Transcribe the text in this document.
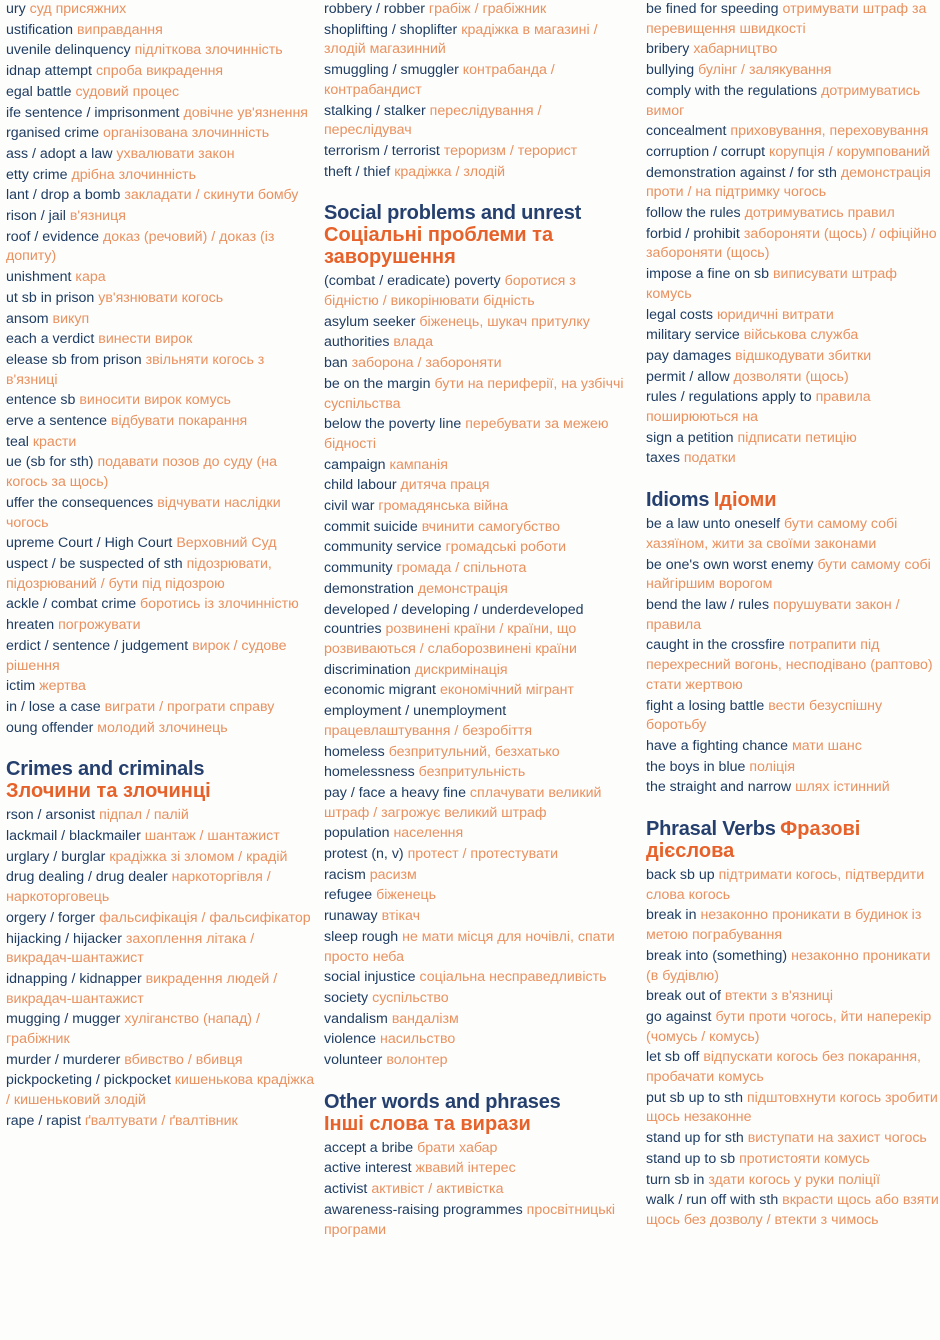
ury суд присяжних
ustification виправдання
uvenile delinquency підліткова злочинність
idnap attempt спроба викрадення
egal battle судовий процес
ife sentence / imprisonment довічне ув'язнення
rganised crime організована злочинність
ass / adopt a law ухвалювати закон
etty crime дрібна злочинність
lant / drop a bomb закладати / скинути бомбу
rison / jail в'язниця
roof / evidence доказ (речовий) / доказ (із допиту)
unishment кара
ut sb in prison ув'язнювати когось
ansom викуп
each a verdict винести вирок
elease sb from prison звільняти когось з в'язниці
entence sb виносити вирок комусь
erve a sentence відбувати покарання
teal красти
ue (sb for sth) подавати позов до суду (на когось за щось)
uffer the consequences відчувати наслідки чогось
upreme Court / High Court Верховний Суд
uspect / be suspected of sth підозрювати, підозрюваний / бути під підозрою
ackle / combat crime боротись із злочинністю
hreaten погрожувати
erdict / sentence / judgement вирок / судове рішення
ictim жертва
in / lose a case виграти / програти справу
oung offender молодий злочинець
Crimes and criminals
Злочини та злочинці
rson / arsonist підпал / палій
lackmail / blackmailer шантаж / шантажист
urglary / burglar крадіжка зі зломом / крадій
drug dealing / drug dealer наркоторгівля / наркоторговець
orgery / forger фальсифікація / фальсифікатор
hijacking / hijacker захоплення літака / викрадач-шантажист
idnapping / kidnapper викрадення людей / викрадач-шантажист
mugging / mugger хуліганство (напад) / грабіжник
murder / murderer вбивство / вбивця
pickpocketing / pickpocket кишенькова крадіжка / кишеньковий злодій
rape / rapist ґвалтувати / ґвалтівник
robbery / robber грабіж / грабіжник
shoplifting / shoplifter крадіжка в магазині / злодій магазинний
smuggling / smuggler контрабанда / контрабандист
stalking / stalker переслідування / переслідувач
terrorism / terrorist тероризм / терорист
theft / thief крадіжка / злодій
Social problems and unrest
Соціальні проблеми та заворушення
(combat / eradicate) poverty боротися з бідністю / викорінювати бідність
asylum seeker біженець, шукач притулку
authorities влада
ban заборона / забороняти
be on the margin бути на периферії, на узбіччі суспільства
below the poverty line перебувати за межею бідності
campaign кампанія
child labour дитяча праця
civil war громадянська війна
commit suicide вчинити самогубство
community service громадські роботи
community громада / спільнота
demonstration демонстрація
developed / developing / underdeveloped countries розвинені країни / країни, що розвиваються / слаборозвинені країни
discrimination дискримінація
economic migrant економічний мігрант
employment / unemployment працевлаштування / безробіття
homeless безпритульний, безхатько
homelessness безпритульність
pay / face a heavy fine сплачувати великий штраф / загрожує великий штраф
population населення
protest (n, v) протест / протестувати
racism расизм
refugee біженець
runaway втікач
sleep rough не мати місця для ночівлі, спати просто неба
social injustice соціальна несправедливість
society суспільство
vandalism вандалізм
violence насильство
volunteer волонтер
Other words and phrases
Інші слова та вирази
accept a bribe брати хабар
active interest жвавий інтерес
activist активіст / активістка
awareness-raising programmes просвітницькі програми
be fined for speeding отримувати штраф за перевищення швидкості
bribery хабарництво
bullying булінг / залякування
comply with the regulations дотримуватись вимог
concealment приховування, переховування
corruption / corrupt корупція / корумпований
demonstration against / for sth демонстрація проти / на підтримку чогось
follow the rules дотримуватись правил
forbid / prohibit забороняти (щось) / офіційно забороняти (щось)
impose a fine on sb виписувати штраф комусь
legal costs юридичні витрати
military service військова служба
pay damages відшкодувати збитки
permit / allow дозволяти (щось)
rules / regulations apply to правила поширюються на
sign a petition підписати петицію
taxes податки
Idioms Ідіоми
be a law unto oneself бути самому собі хазяїном, жити за своїми законами
be one's own worst enemy бути самому собі найгіршим ворогом
bend the law / rules порушувати закон / правила
caught in the crossfire потрапити під перехресний вогонь, несподівано (раптово) стати жертвою
fight a losing battle вести безуспішну боротьбу
have a fighting chance мати шанс
the boys in blue поліція
the straight and narrow шлях істинний
Phrasal Verbs Фразові дієслова
back sb up підтримати когось, підтвердити слова когось
break in незаконно проникати в будинок із метою пограбування
break into (something) незаконно проникати (в будівлю)
break out of втекти з в'язниці
go against бути проти чогось, йти наперекір (чомусь / комусь)
let sb off відпускати когось без покарання, пробачати комусь
put sb up to sth підштовхнути когось зробити щось незаконне
stand up for sth виступати на захист чогось
stand up to sb протистояти комусь
turn sb in здати когось у руки поліції
walk / run off with sth вкрасти щось або взяти щось без дозволу / втекти з чимось
